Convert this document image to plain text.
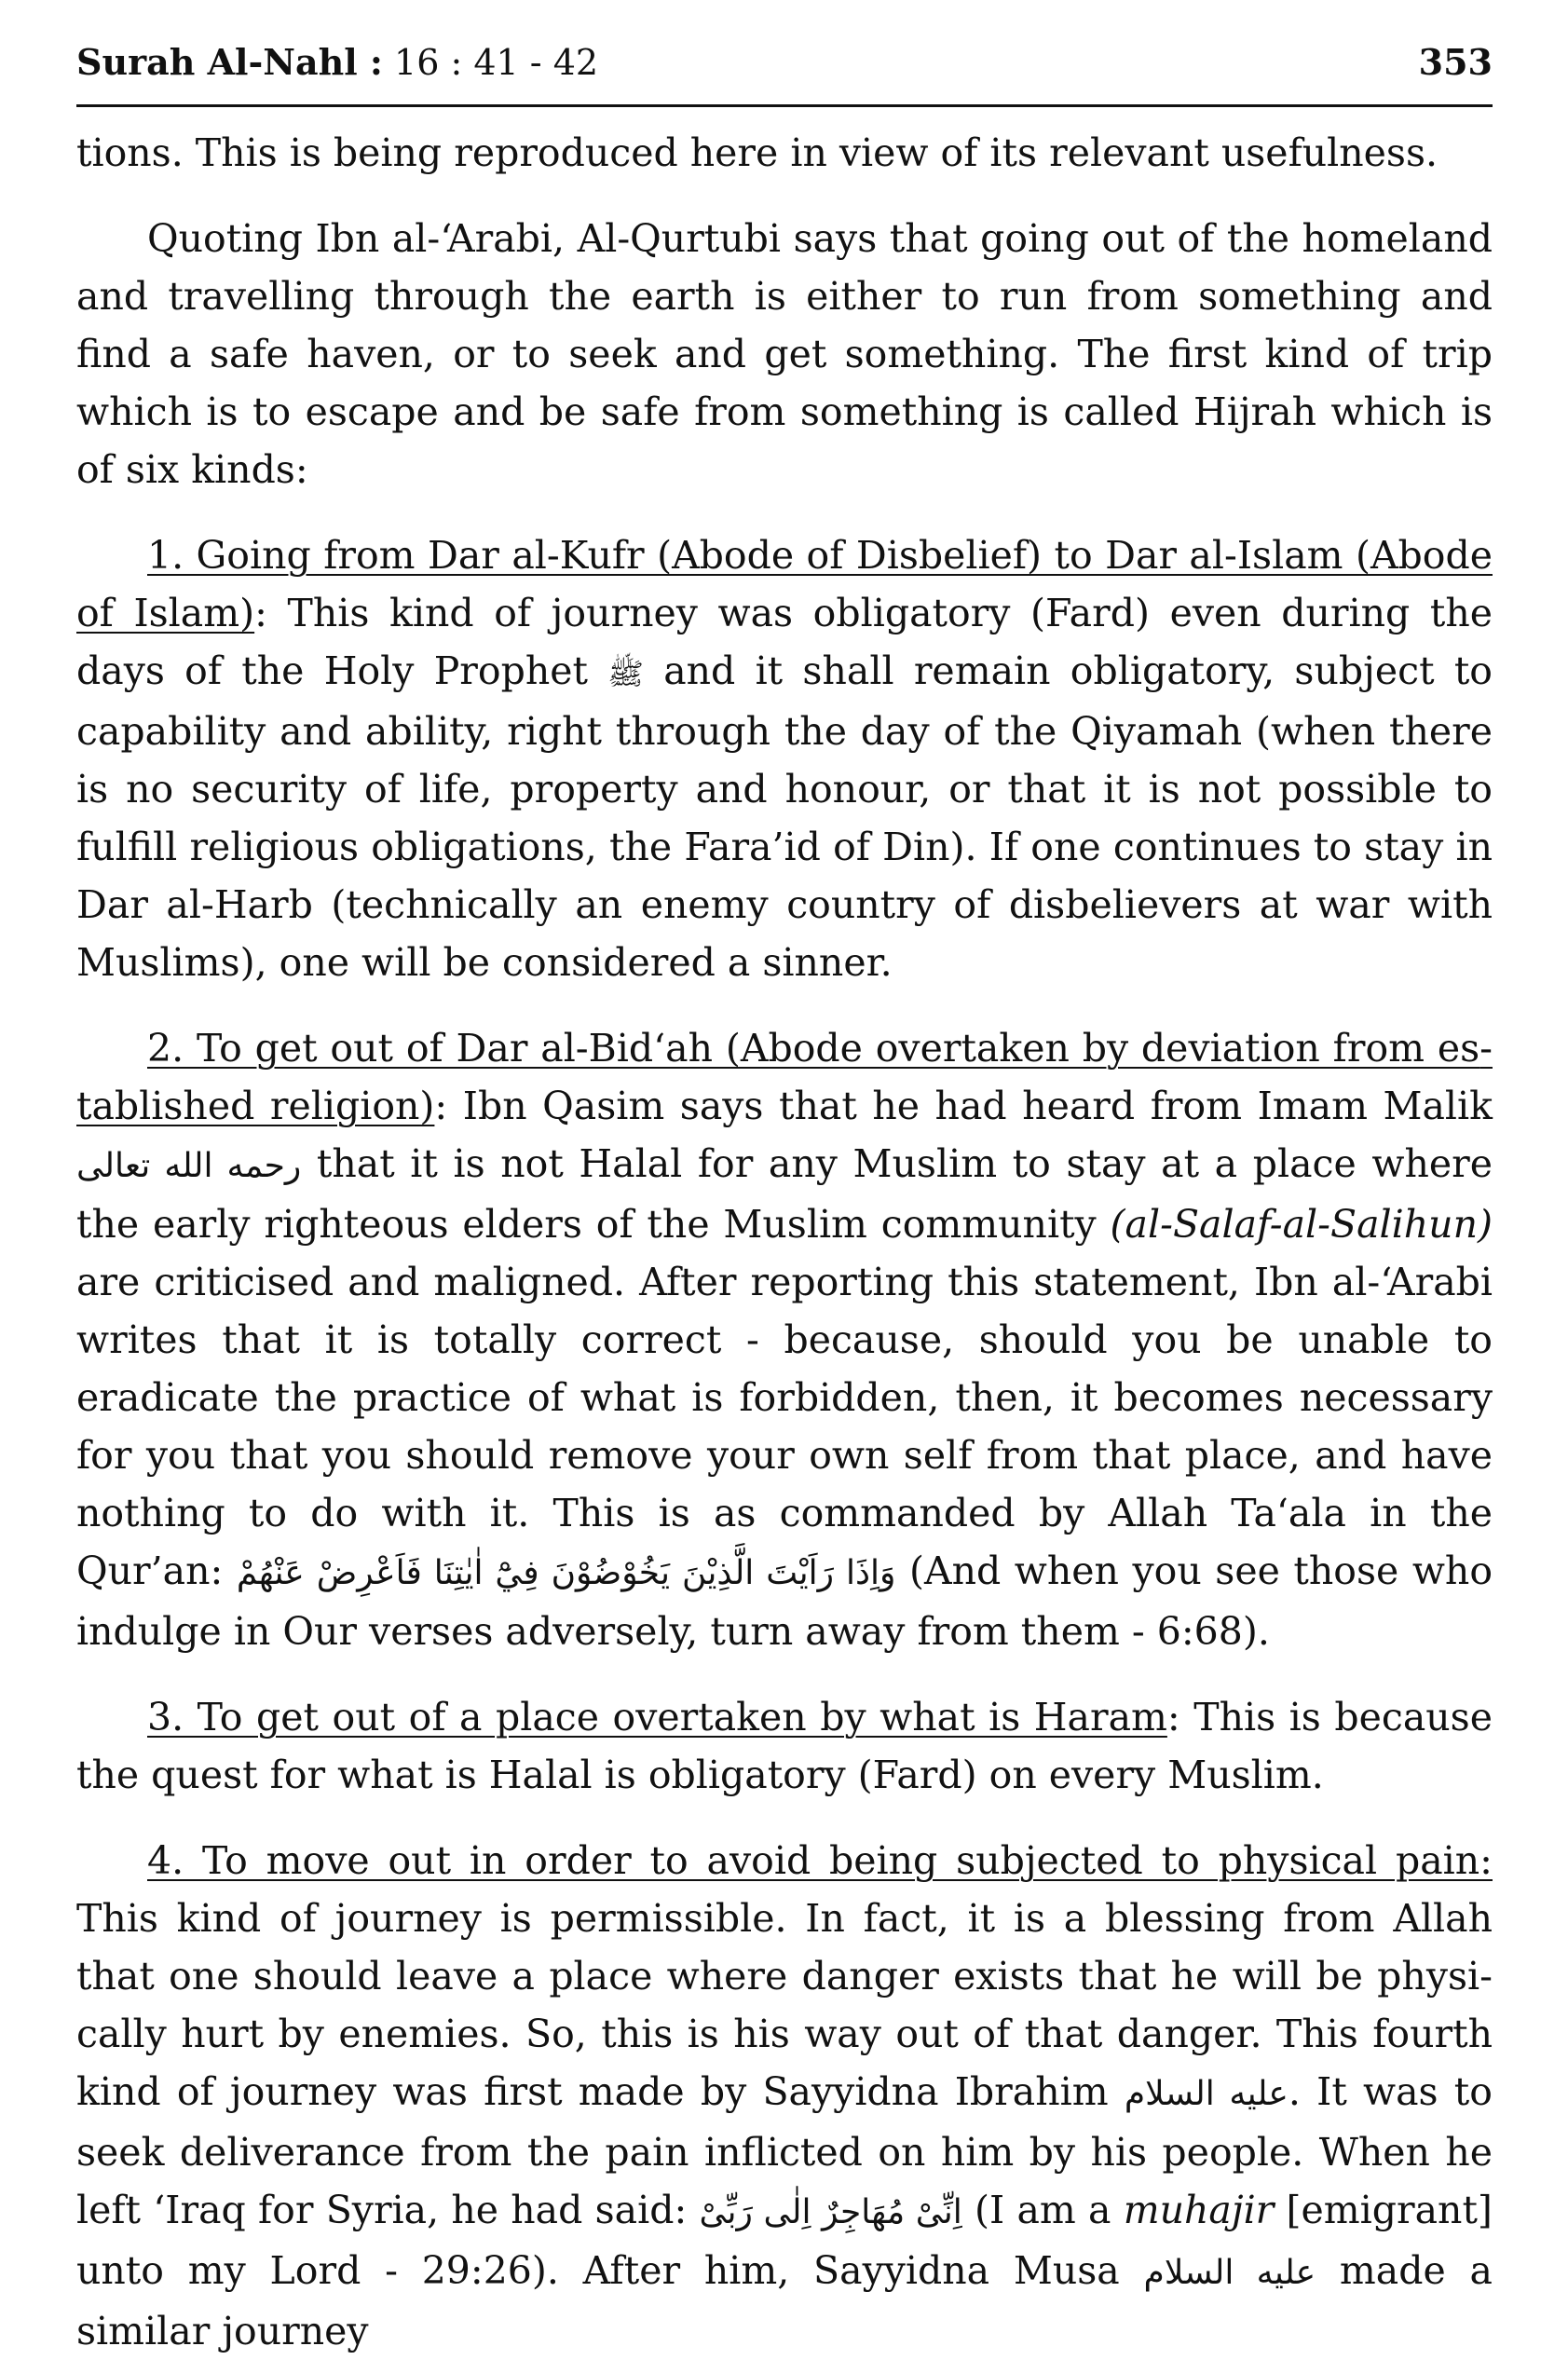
Surah Al-Nahl : 16 : 41 - 42	353

tions. This is being reproduced here in view of its relevant usefulness.

Quoting Ibn al-‘Arabi, Al-Qurtubi says that going out of the homeland and travelling through the earth is either to run from something and find a safe haven, or to seek and get something. The first kind of trip which is to escape and be safe from something is called Hijrah which is of six kinds:

1. Going from Dar al-Kufr (Abode of Disbelief) to Dar al-Islam (Abode of Islam): This kind of journey was obligatory (Fard) even during the days of the Holy Prophet ﷺ and it shall remain obligatory, subject to capability and ability, right through the day of the Qiyamah (when there is no security of life, property and honour, or that it is not possible to fulfill religious obligations, the Fara’id of Din). If one continues to stay in Dar al-Harb (technically an enemy country of disbelievers at war with Muslims), one will be considered a sinner.

2. To get out of Dar al-Bid‘ah (Abode overtaken by deviation from established religion): Ibn Qasim says that he had heard from Imam Malik رحمه الله تعالى that it is not Halal for any Muslim to stay at a place where the early righteous elders of the Muslim community (al-Salaf-al-Salihun) are criticised and maligned. After reporting this statement, Ibn al-‘Arabi writes that it is totally correct - because, should you be unable to eradicate the practice of what is forbidden, then, it becomes necessary for you that you should remove your own self from that place, and have nothing to do with it. This is as commanded by Allah Ta‘ala in the Qur’an: وَاِذَا رَاَيْتَ الَّذِيْنَ يَخُوْضُوْنَ فِيْٓ اٰيٰتِنَا فَاَعْرِضْ عَنْهُمْ (And when you see those who indulge in Our verses adversely, turn away from them - 6:68).

3. To get out of a place overtaken by what is Haram: This is because the quest for what is Halal is obligatory (Fard) on every Muslim.

4. To move out in order to avoid being subjected to physical pain: This kind of journey is permissible. In fact, it is a blessing from Allah that one should leave a place where danger exists that he will be physically hurt by enemies. So, this is his way out of that danger. This fourth kind of journey was first made by Sayyidna Ibrahim عليه السلام. It was to seek deliverance from the pain inflicted on him by his people. When he left ‘Iraq for Syria, he had said: اِنِّىْ مُهَاجِرٌ اِلٰى رَبِّىْ (I am a muhajir [emigrant] unto my Lord - 29:26). After him, Sayyidna Musa عليه السلام made a similar journey
